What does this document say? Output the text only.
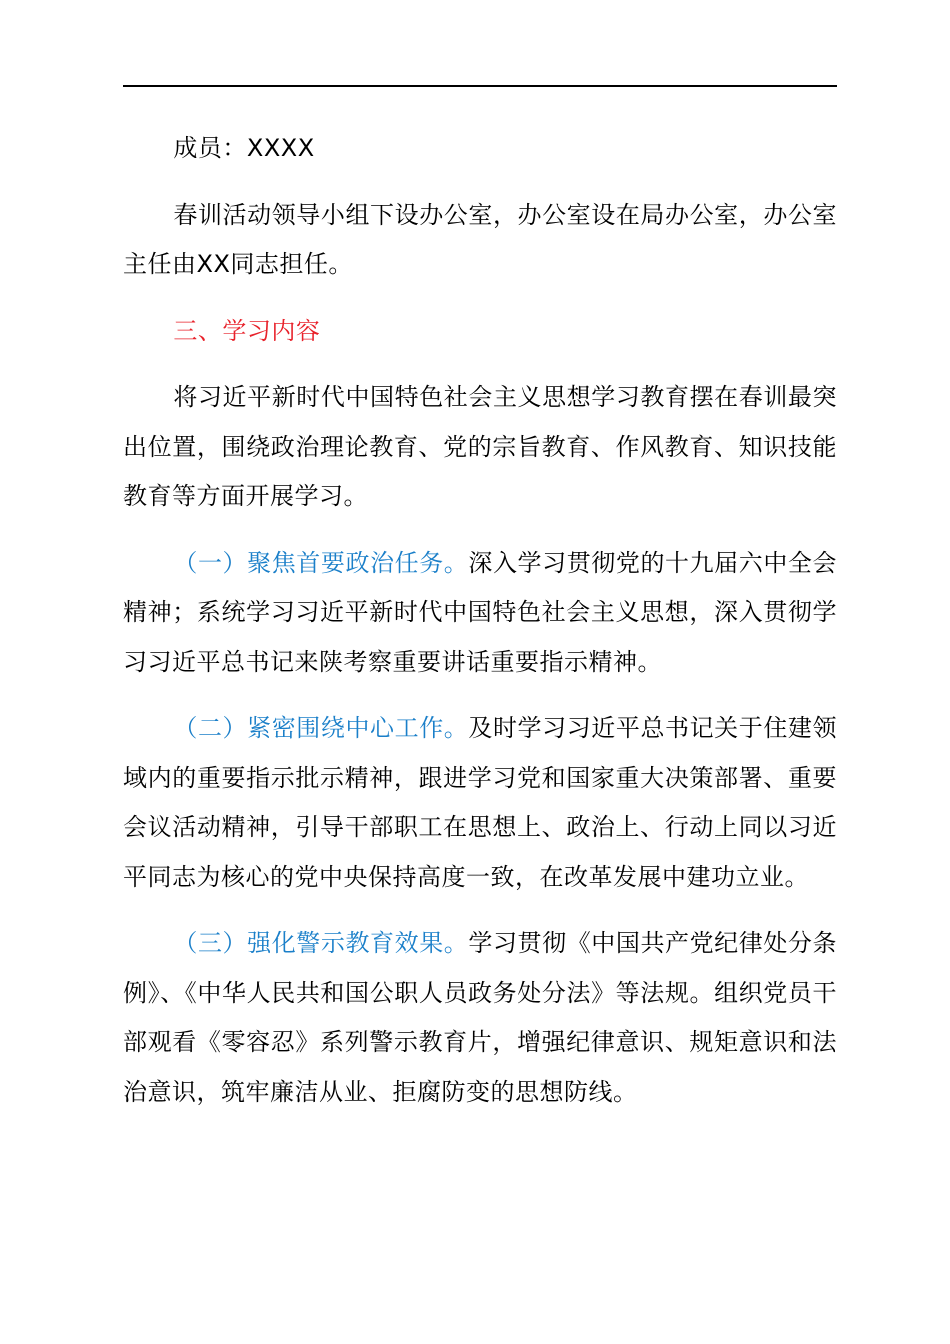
成员：XXXX

春训活动领导小组下设办公室，办公室设在局办公室，办公室主任由XX同志担任。

三、学习内容

将习近平新时代中国特色社会主义思想学习教育摆在春训最突出位置，围绕政治理论教育、党的宗旨教育、作风教育、知识技能教育等方面开展学习。

（一）聚焦首要政治任务。深入学习贯彻党的十九届六中全会精神；系统学习习近平新时代中国特色社会主义思想，深入贯彻学习习近平总书记来陕考察重要讲话重要指示精神。

（二）紧密围绕中心工作。及时学习习近平总书记关于住建领域内的重要指示批示精神，跟进学习党和国家重大决策部署、重要会议活动精神，引导干部职工在思想上、政治上、行动上同以习近平同志为核心的党中央保持高度一致，在改革发展中建功立业。

（三）强化警示教育效果。学习贯彻《中国共产党纪律处分条例》、《中华人民共和国公职人员政务处分法》等法规。组织党员干部观看《零容忍》系列警示教育片，增强纪律意识、规矩意识和法治意识，筑牢廉洁从业、拒腐防变的思想防线。
